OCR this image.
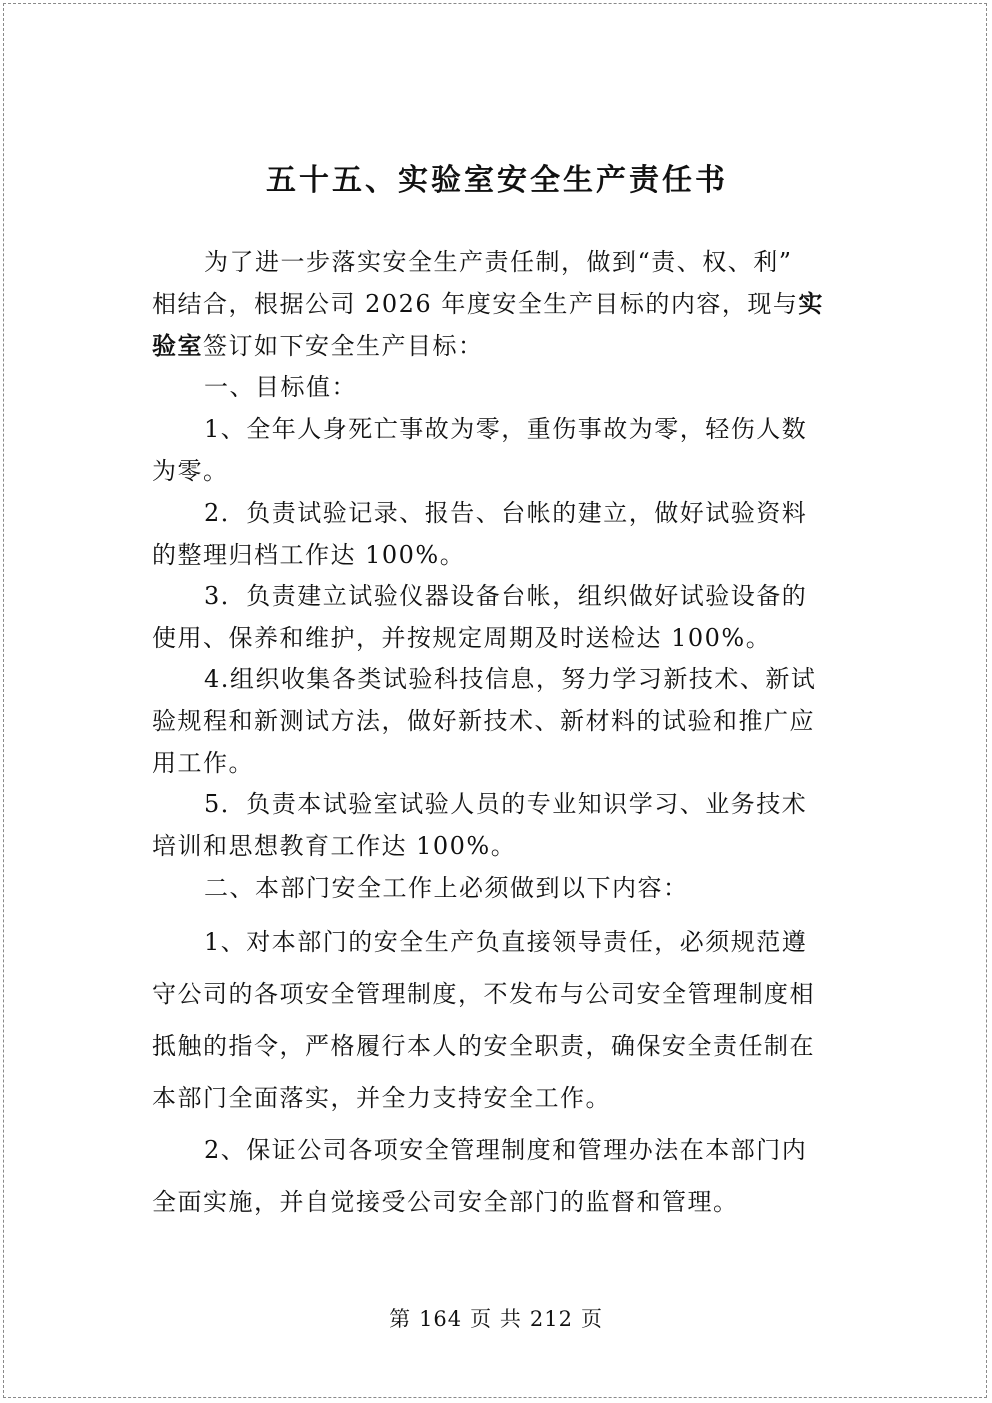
五十五、实验室安全生产责任书
为了进一步落实安全生产责任制，做到“责、权、利”
相结合，根据公司 2026 年度安全生产目标的内容，现与实
验室签订如下安全生产目标：
一、目标值：
1、全年人身死亡事故为零，重伤事故为零，轻伤人数
为零。
2．负责试验记录、报告、台帐的建立，做好试验资料
的整理归档工作达 100%。
3．负责建立试验仪器设备台帐，组织做好试验设备的
使用、保养和维护，并按规定周期及时送检达 100%。
4.组织收集各类试验科技信息，努力学习新技术、新试
验规程和新测试方法，做好新技术、新材料的试验和推广应
用工作。
5．负责本试验室试验人员的专业知识学习、业务技术
培训和思想教育工作达 100%。
二、本部门安全工作上必须做到以下内容：
1、对本部门的安全生产负直接领导责任，必须规范遵
守公司的各项安全管理制度，不发布与公司安全管理制度相
抵触的指令，严格履行本人的安全职责，确保安全责任制在
本部门全面落实，并全力支持安全工作。
2、保证公司各项安全管理制度和管理办法在本部门内
全面实施，并自觉接受公司安全部门的监督和管理。
第 164 页 共 212 页
